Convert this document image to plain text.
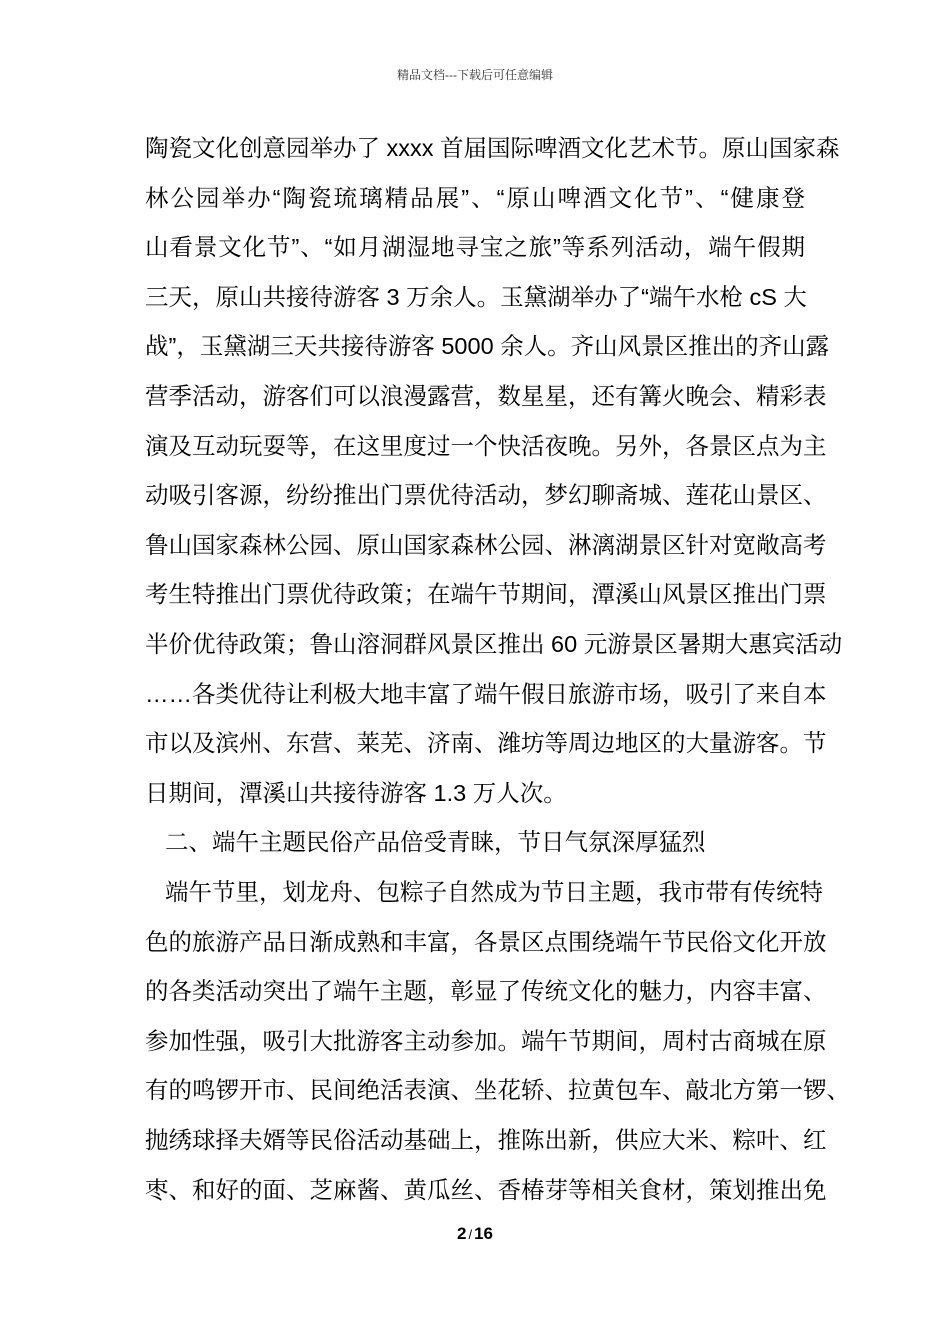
精品文档---下载后可任意编辑
陶瓷文化创意园举办了 xxxx 首届国际啤酒文化艺术节。原山国家森
林公园举办“陶瓷琉璃精品展”、“原山啤酒文化节”、“健康登
山看景文化节”、“如月湖湿地寻宝之旅”等系列活动，端午假期
三天，原山共接待游客 3 万余人。玉黛湖举办了“端午水枪 cS 大
战”，玉黛湖三天共接待游客 5000 余人。齐山风景区推出的齐山露
营季活动，游客们可以浪漫露营，数星星，还有篝火晚会、精彩表
演及互动玩耍等，在这里度过一个快活夜晚。另外，各景区点为主
动吸引客源，纷纷推出门票优待活动，梦幻聊斋城、莲花山景区、
鲁山国家森林公园、原山国家森林公园、淋漓湖景区针对宽敞高考
考生特推出门票优待政策；在端午节期间，潭溪山风景区推出门票
半价优待政策；鲁山溶洞群风景区推出 60 元游景区暑期大惠宾活动
……各类优待让利极大地丰富了端午假日旅游市场，吸引了来自本
市以及滨州、东营、莱芜、济南、潍坊等周边地区的大量游客。节
日期间，潭溪山共接待游客 1.3 万人次。
二、端午主题民俗产品倍受青睐，节日气氛深厚猛烈
端午节里，划龙舟、包粽子自然成为节日主题，我市带有传统特
色的旅游产品日渐成熟和丰富，各景区点围绕端午节民俗文化开放
的各类活动突出了端午主题，彰显了传统文化的魅力，内容丰富、
参加性强，吸引大批游客主动参加。端午节期间，周村古商城在原
有的鸣锣开市、民间绝活表演、坐花轿、拉黄包车、敲北方第一锣、
抛绣球择夫婿等民俗活动基础上，推陈出新，供应大米、粽叶、红
枣、和好的面、芝麻酱、黄瓜丝、香椿芽等相关食材，策划推出免
2 / 16
